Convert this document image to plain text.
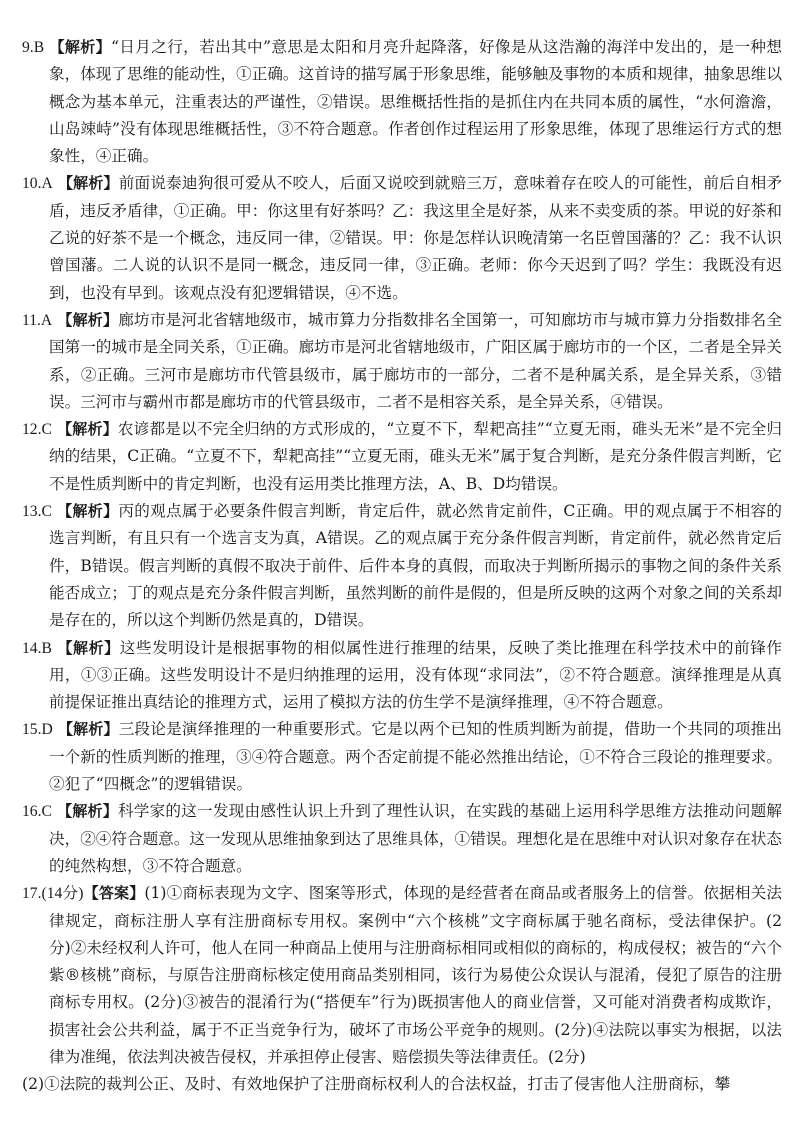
9.B 【解析】“日月之行，若出其中”意思是太阳和月亮升起降落，好像是从这浩瀚的海洋中发出的，是一种想象，体现了思维的能动性，①正确。这首诗的描写属于形象思维，能够触及事物的本质和规律，抽象思维以概念为基本单元，注重表达的严谨性，②错误。思维概括性指的是抓住内在共同本质的属性，“水何澹澹，山岛竦峙”没有体现思维概括性，③不符合题意。作者创作过程运用了形象思维，体现了思维运行方式的想象性，④正确。

10.A 【解析】前面说泰迪狗很可爱从不咬人，后面又说咬到就赔三万，意味着存在咬人的可能性，前后自相矛盾，违反矛盾律，①正确。甲：你这里有好茶吗？乙：我这里全是好茶，从来不卖变质的茶。甲说的好茶和乙说的好茶不是一个概念，违反同一律，②错误。甲：你是怎样认识晚清第一名臣曾国藩的？乙：我不认识曾国藩。二人说的认识不是同一概念，违反同一律，③正确。老师：你今天迟到了吗？学生：我既没有迟到，也没有早到。该观点没有犯逻辑错误，④不选。

11.A 【解析】廊坊市是河北省辖地级市，城市算力分指数排名全国第一，可知廊坊市与城市算力分指数排名全国第一的城市是全同关系，①正确。廊坊市是河北省辖地级市，广阳区属于廊坊市的一个区，二者是全异关系，②正确。三河市是廊坊市代管县级市，属于廊坊市的一部分，二者不是种属关系，是全异关系，③错误。三河市与霸州市都是廊坊市的代管县级市，二者不是相容关系，是全异关系，④错误。

12.C 【解析】农谚都是以不完全归纳的方式形成的，“立夏不下，犁耙高挂”“立夏无雨，碓头无米”是不完全归纳的结果，C正确。“立夏不下，犁耙高挂”“立夏无雨，碓头无米”属于复合判断，是充分条件假言判断，它不是性质判断中的肯定判断，也没有运用类比推理方法，A、B、D均错误。

13.C 【解析】丙的观点属于必要条件假言判断，肯定后件，就必然肯定前件，C正确。甲的观点属于不相容的选言判断，有且只有一个选言支为真，A错误。乙的观点属于充分条件假言判断，肯定前件，就必然肯定后件，B错误。假言判断的真假不取决于前件、后件本身的真假，而取决于判断所揭示的事物之间的条件关系能否成立；丁的观点是充分条件假言判断，虽然判断的前件是假的，但是所反映的这两个对象之间的关系却是存在的，所以这个判断仍然是真的，D错误。

14.B 【解析】这些发明设计是根据事物的相似属性进行推理的结果，反映了类比推理在科学技术中的前锋作用，①③正确。这些发明设计不是归纳推理的运用，没有体现“求同法”，②不符合题意。演绎推理是从真前提保证推出真结论的推理方式，运用了模拟方法的仿生学不是演绎推理，④不符合题意。

15.D 【解析】三段论是演绎推理的一种重要形式。它是以两个已知的性质判断为前提，借助一个共同的项推出一个新的性质判断的推理，③④符合题意。两个否定前提不能必然推出结论，①不符合三段论的推理要求。②犯了“四概念”的逻辑错误。

16.C 【解析】科学家的这一发现由感性认识上升到了理性认识，在实践的基础上运用科学思维方法推动问题解决，②④符合题意。这一发现从思维抽象到达了思维具体，①错误。理想化是在思维中对认识对象存在状态的纯然构想，③不符合题意。

17.(14分)【答案】(1)①商标表现为文字、图案等形式，体现的是经营者在商品或者服务上的信誉。依据相关法律规定，商标注册人享有注册商标专用权。案例中“六个核桃”文字商标属于驰名商标，受法律保护。(2分)②未经权利人许可，他人在同一种商品上使用与注册商标相同或相似的商标的，构成侵权；被告的“六个紫®核桃”商标，与原告注册商标核定使用商品类别相同，该行为易使公众误认与混淆，侵犯了原告的注册商标专用权。(2分)③被告的混淆行为(“搭便车”行为)既损害他人的商业信誉，又可能对消费者构成欺诈，损害社会公共利益，属于不正当竞争行为，破坏了市场公平竞争的规则。(2分)④法院以事实为根据，以法律为准绳，依法判决被告侵权，并承担停止侵害、赔偿损失等法律责任。(2分)

(2)①法院的裁判公正、及时、有效地保护了注册商标权利人的合法权益，打击了侵害他人注册商标，攀
